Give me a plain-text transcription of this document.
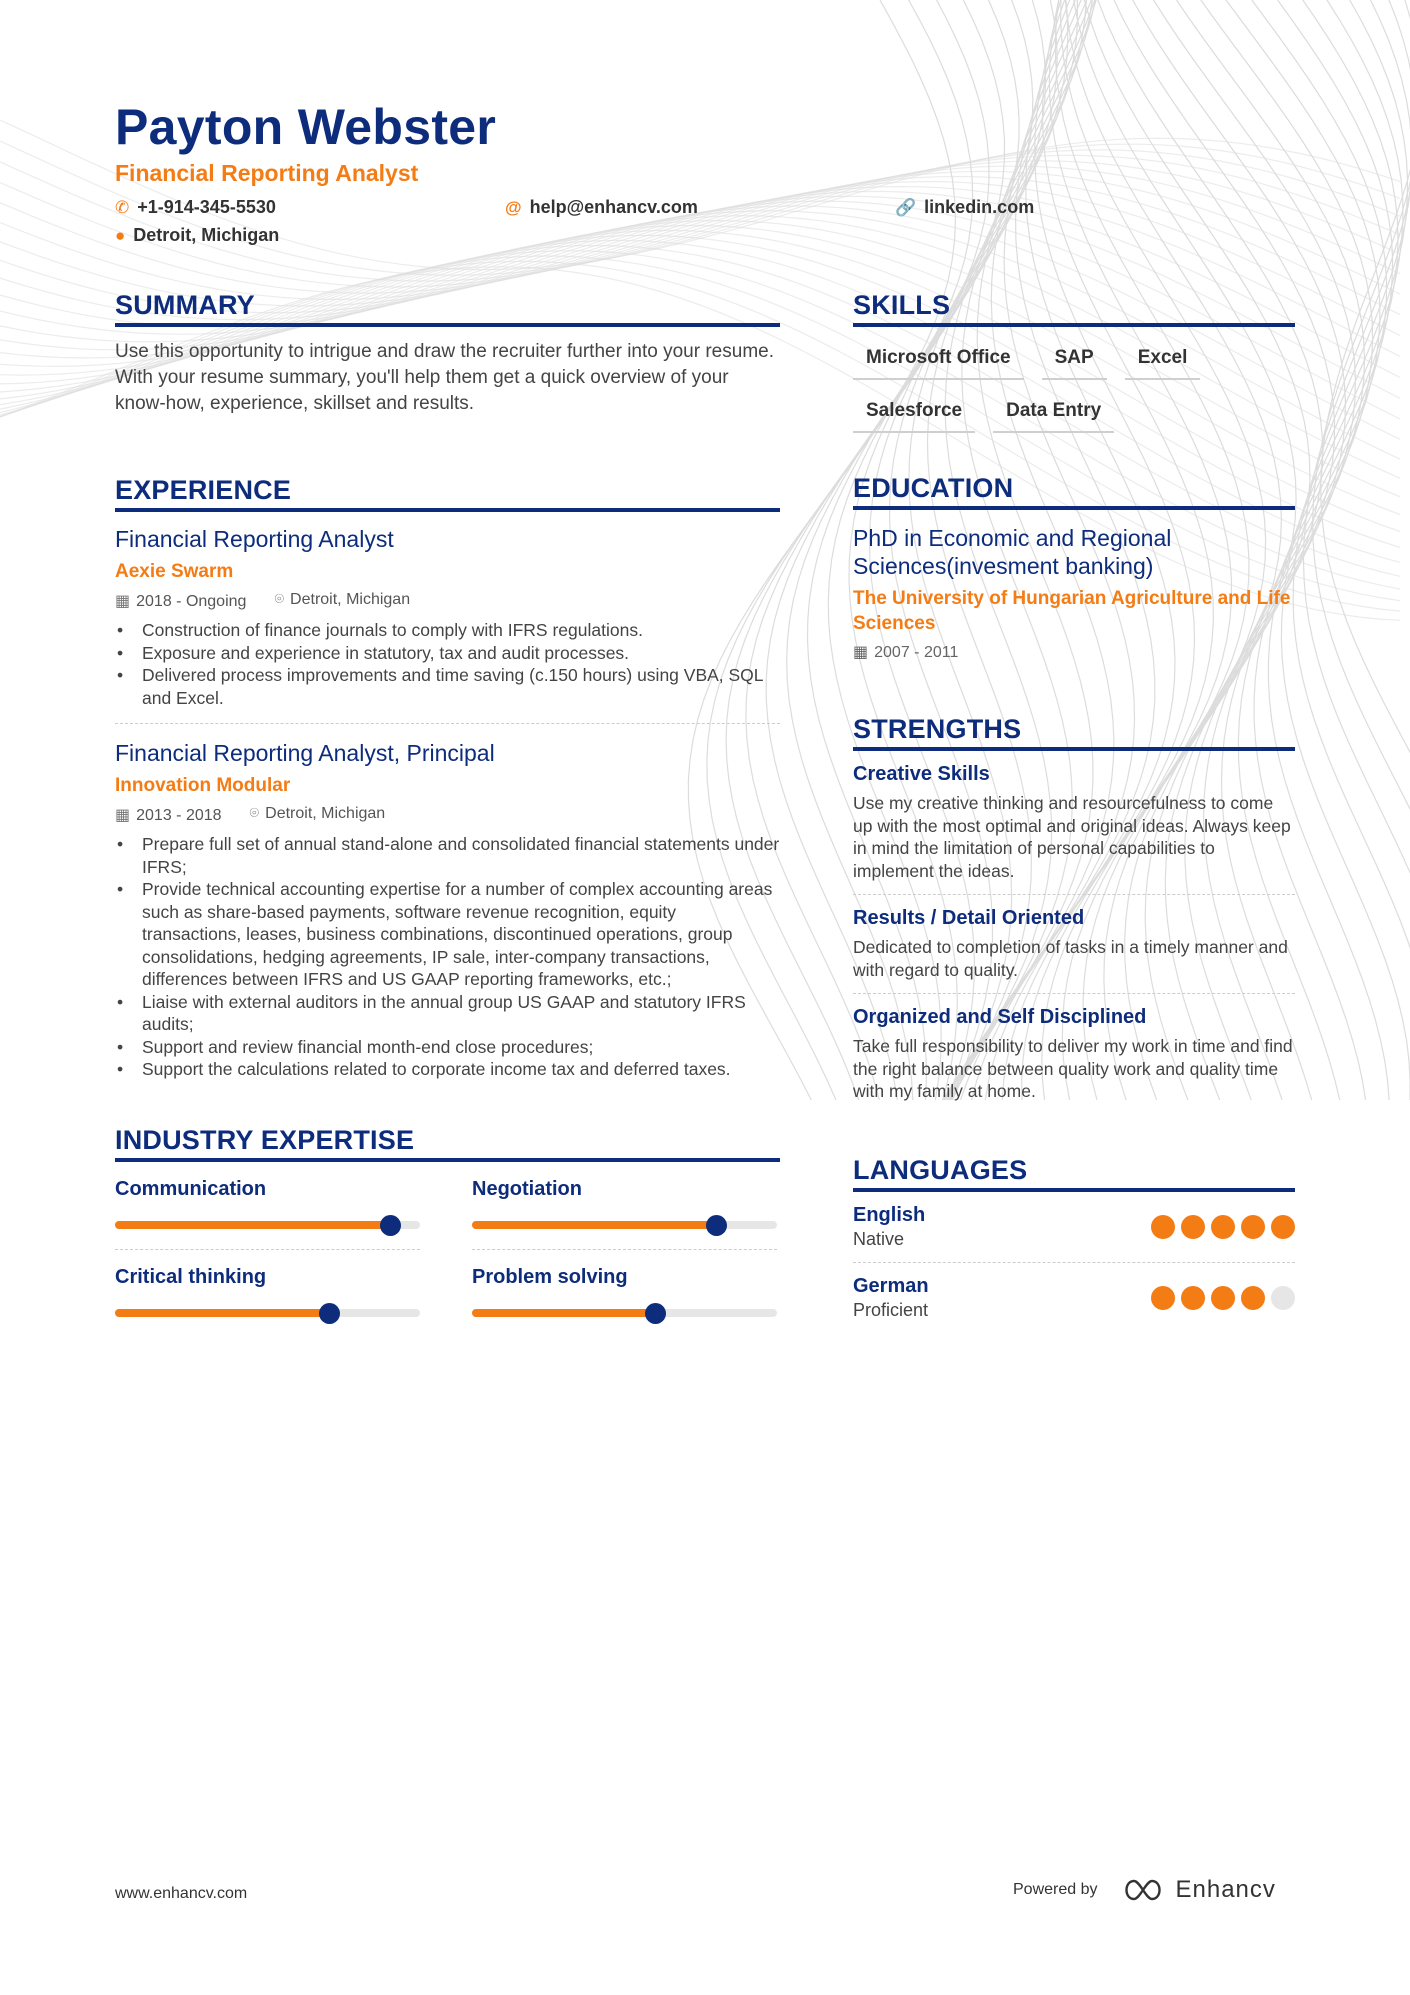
Payton Webster
Financial Reporting Analyst
✆ +1-914-345-5530	@ help@enhancv.com	🔗 linkedin.com
● Detroit, Michigan
SUMMARY
Use this opportunity to intrigue and draw the recruiter further into your resume. With your resume summary, you'll help them get a quick overview of your know-how, experience, skillset and results.
EXPERIENCE
Financial Reporting Analyst
Aexie Swarm
▦ 2018 - Ongoing ⌾ Detroit, Michigan
• Construction of finance journals to comply with IFRS regulations.
• Exposure and experience in statutory, tax and audit processes.
• Delivered process improvements and time saving (c.150 hours) using VBA, SQL and Excel.
Financial Reporting Analyst, Principal
Innovation Modular
▦ 2013 - 2018 ⌾ Detroit, Michigan
• Prepare full set of annual stand-alone and consolidated financial statements under IFRS;
• Provide technical accounting expertise for a number of complex accounting areas such as share-based payments, software revenue recognition, equity transactions, leases, business combinations, discontinued operations, group consolidations, hedging agreements, IP sale, inter-company transactions, differences between IFRS and US GAAP reporting frameworks, etc.;
• Liaise with external auditors in the annual group US GAAP and statutory IFRS audits;
• Support and review financial month-end close procedures;
• Support the calculations related to corporate income tax and deferred taxes.
INDUSTRY EXPERTISE
Communication	Negotiation
Critical thinking	Problem solving
SKILLS
Microsoft Office	SAP	Excel
Salesforce	Data Entry
EDUCATION
PhD in Economic and Regional Sciences(invesment banking)
The University of Hungarian Agriculture and Life Sciences
▦ 2007 - 2011
STRENGTHS
Creative Skills
Use my creative thinking and resourcefulness to come up with the most optimal and original ideas. Always keep in mind the limitation of personal capabilities to implement the ideas.
Results / Detail Oriented
Dedicated to completion of tasks in a timely manner and with regard to quality.
Organized and Self Disciplined
Take full responsibility to deliver my work in time and find the right balance between quality work and quality time with my family at home.
LANGUAGES
English
Native
German
Proficient
www.enhancv.com	Powered by	Enhancv
